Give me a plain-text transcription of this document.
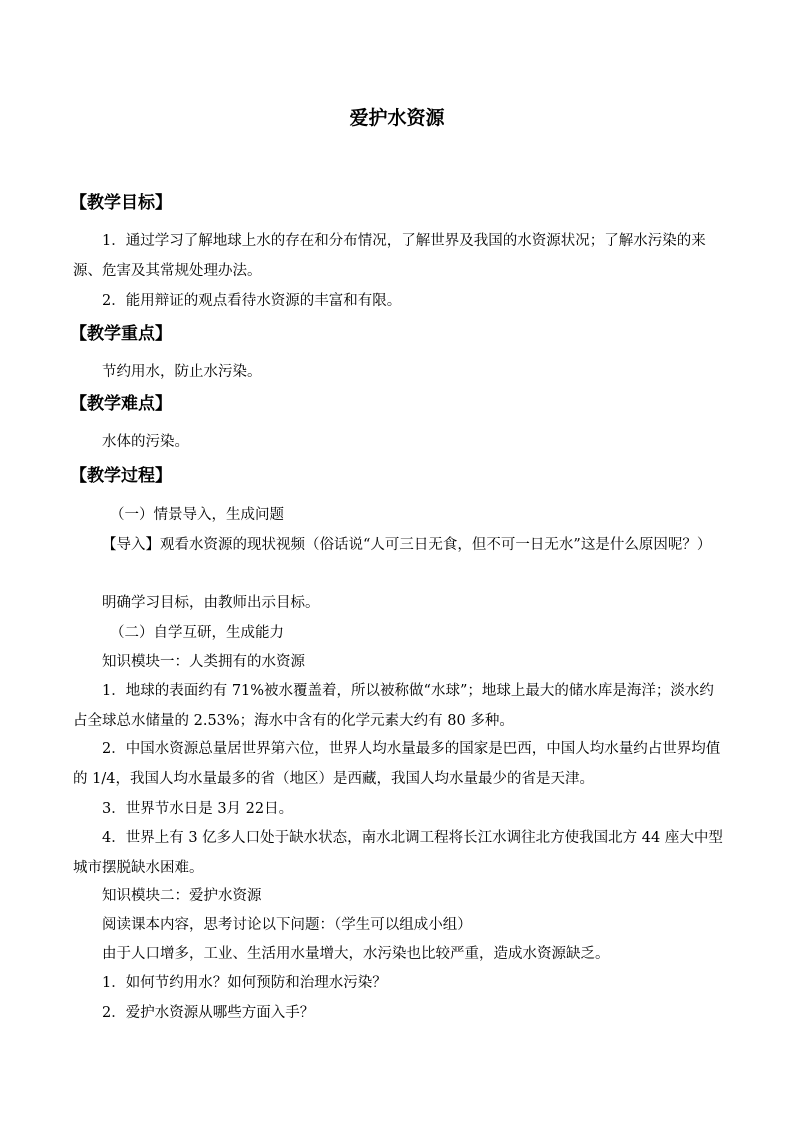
爱护水资源
【教学目标】

1．通过学习了解地球上水的存在和分布情况，了解世界及我国的水资源状况；了解水污染的来源、危害及其常规处理办法。

2．能用辩证的观点看待水资源的丰富和有限。
【教学重点】
节约用水，防止水污染。
【教学难点】
水体的污染。
【教学过程】
（一）情景导入，生成问题

【导入】观看水资源的现状视频（俗话说“人可三日无食，但不可一日无水”这是什么原因呢？）

明确学习目标，由教师出示目标。
（二）自学互研，生成能力
知识模块一：人类拥有的水资源

1．地球的表面约有 71%被水覆盖着，所以被称做“水球”；地球上最大的储水库是海洋；淡水约占全球总水储量的 2.53%；海水中含有的化学元素大约有 80 多种。

2．中国水资源总量居世界第六位，世界人均水量最多的国家是巴西，中国人均水量约占世界均值的 1/4，我国人均水量最多的省（地区）是西藏，我国人均水量最少的省是天津。

3．世界节水日是 3月 22日。

4．世界上有 3 亿多人口处于缺水状态，南水北调工程将长江水调往北方使我国北方 44 座大中型城市摆脱缺水困难。

知识模块二：爱护水资源
阅读课本内容，思考讨论以下问题：（学生可以组成小组）
由于人口增多，工业、生活用水量增大，水污染也比较严重，造成水资源缺乏。
1．如何节约用水？如何预防和治理水污染？
2．爱护水资源从哪些方面入手？
